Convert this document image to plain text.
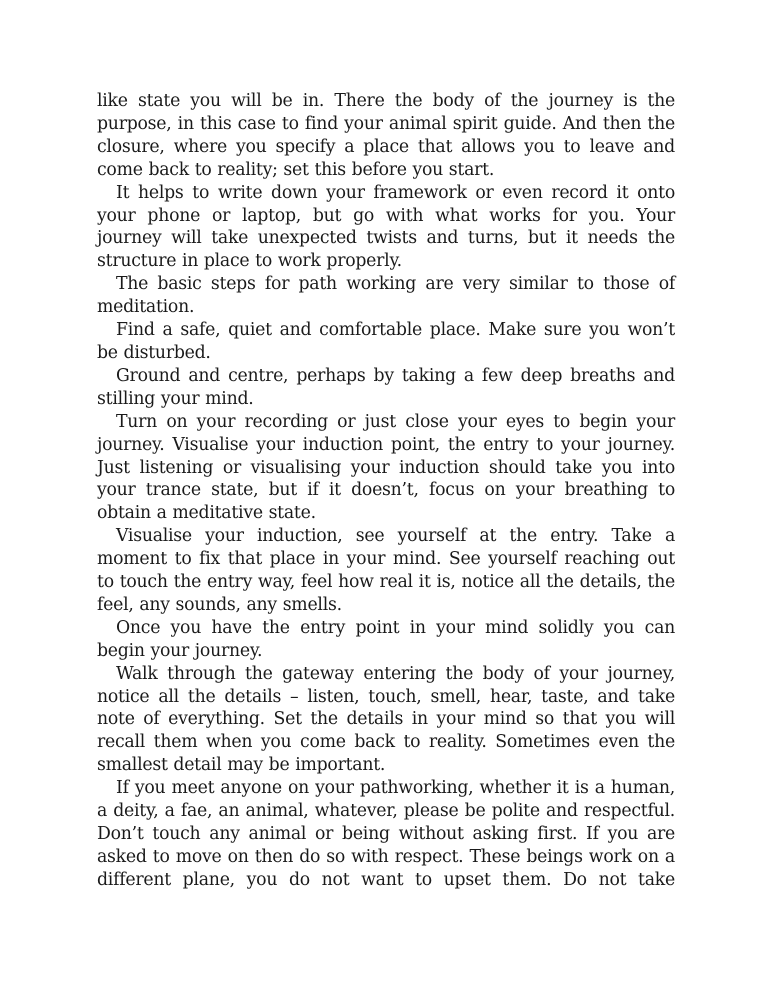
like state you will be in. There the body of the journey is the purpose, in this case to find your animal spirit guide. And then the closure, where you specify a place that allows you to leave and come back to reality; set this before you start.

It helps to write down your framework or even record it onto your phone or laptop, but go with what works for you. Your journey will take unexpected twists and turns, but it needs the structure in place to work properly.

The basic steps for path working are very similar to those of meditation.

Find a safe, quiet and comfortable place. Make sure you won’t be disturbed.

Ground and centre, perhaps by taking a few deep breaths and stilling your mind.

Turn on your recording or just close your eyes to begin your journey. Visualise your induction point, the entry to your journey. Just listening or visualising your induction should take you into your trance state, but if it doesn’t, focus on your breathing to obtain a meditative state.

Visualise your induction, see yourself at the entry. Take a moment to fix that place in your mind. See yourself reaching out to touch the entry way, feel how real it is, notice all the details, the feel, any sounds, any smells.

Once you have the entry point in your mind solidly you can begin your journey.

Walk through the gateway entering the body of your journey, notice all the details – listen, touch, smell, hear, taste, and take note of everything. Set the details in your mind so that you will recall them when you come back to reality. Sometimes even the smallest detail may be important.

If you meet anyone on your pathworking, whether it is a human, a deity, a fae, an animal, whatever, please be polite and respectful. Don’t touch any animal or being without asking first. If you are asked to move on then do so with respect. These beings work on a different plane, you do not want to upset them. Do not take
